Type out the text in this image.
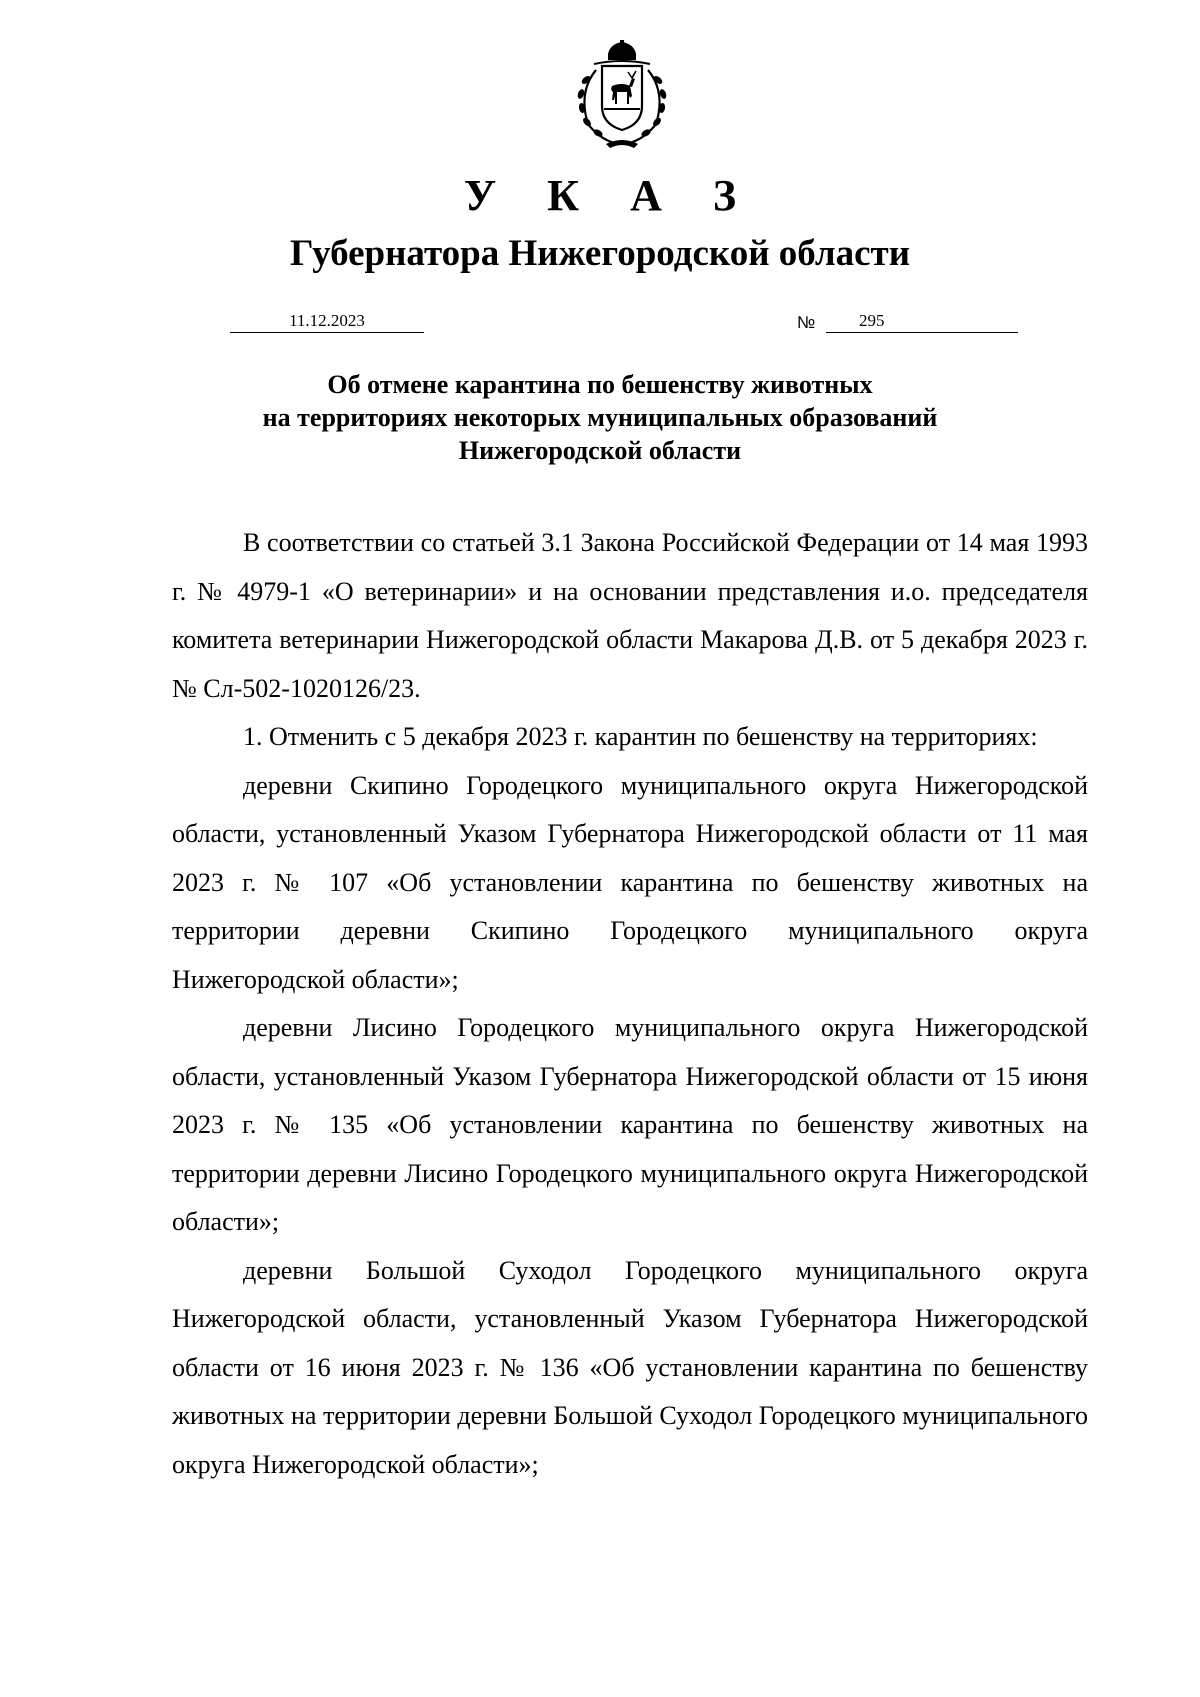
У К А З
Губернатора Нижегородской области
11.12.2023	№	295
Об отмене карантина по бешенству животных
на территориях некоторых муниципальных образований
Нижегородской области

В соответствии со статьей 3.1 Закона Российской Федерации от 14 мая 1993 г. № 4979-1 «О ветеринарии» и на основании представления и.о. председателя комитета ветеринарии Нижегородской области Макарова Д.В. от 5 декабря 2023 г. № Сл-502-1020126/23.

1. Отменить с 5 декабря 2023 г. карантин по бешенству на территориях:

деревни Скипино Городецкого муниципального округа Нижегородской области, установленный Указом Губернатора Нижегородской области от 11 мая 2023 г. № 107 «Об установлении карантина по бешенству животных на территории деревни Скипино Городецкого муниципального округа Нижегородской области»;

деревни Лисино Городецкого муниципального округа Нижегородской области, установленный Указом Губернатора Нижегородской области от 15 июня 2023 г. № 135 «Об установлении карантина по бешенству животных на территории деревни Лисино Городецкого муниципального округа Нижегородской области»;

деревни Большой Суходол Городецкого муниципального округа Нижегородской области, установленный Указом Губернатора Нижегородской области от 16 июня 2023 г. № 136 «Об установлении карантина по бешенству животных на территории деревни Большой Суходол Городецкого муниципального округа Нижегородской области»;
